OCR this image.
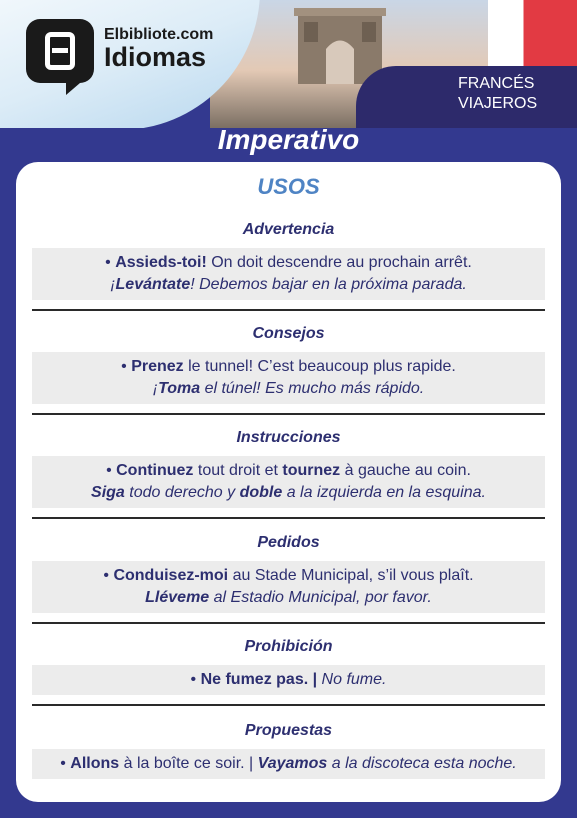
Elbibliote.com
Idiomas
FRANCÉS
VIAJEROS
Imperativo
USOS
Advertencia
• Assieds-toi! On doit descendre au prochain arrêt.
¡Levántate! Debemos bajar en la próxima parada.
Consejos
• Prenez le tunnel! C’est beaucoup plus rapide.
¡Toma el túnel! Es mucho más rápido.
Instrucciones
• Continuez tout droit et tournez à gauche au coin.
Siga todo derecho y doble a la izquierda en la esquina.
Pedidos
• Conduisez-moi au Stade Municipal, s’il vous plaît.
Lléveme al Estadio Municipal, por favor.
Prohibición
• Ne fumez pas. | No fume.
Propuestas
• Allons à la boîte ce soir. | Vayamos a la discoteca esta noche.
